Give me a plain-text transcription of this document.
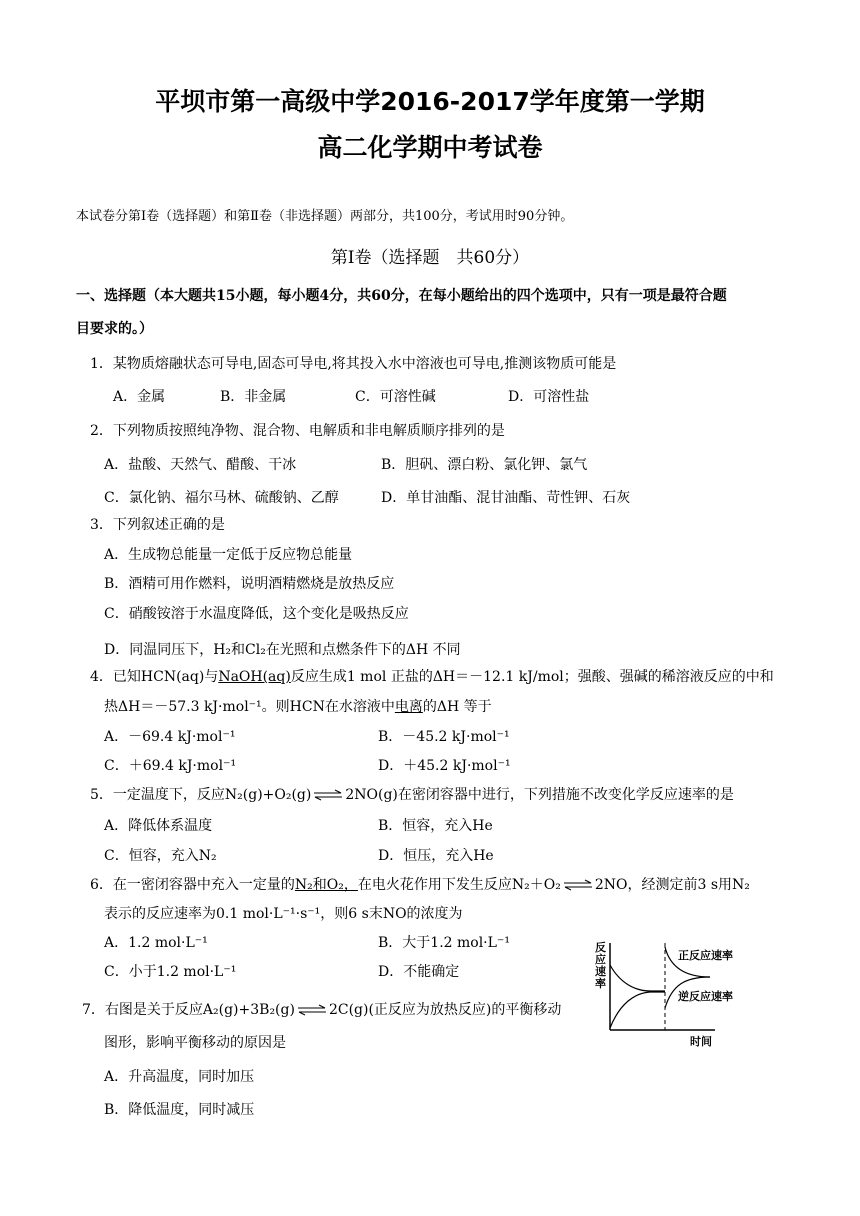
平坝市第一高级中学2016-2017学年度第一学期
高二化学期中考试卷
本试卷分第Ⅰ卷（选择题）和第Ⅱ卷（非选择题）两部分，共100分，考试用时90分钟。
第Ⅰ卷（选择题　共60分）
一、选择题（本大题共15小题，每小题4分，共60分，在每小题给出的四个选项中，只有一项是最符合题
目要求的。）
1．某物质熔融状态可导电,固态可导电,将其投入水中溶液也可导电,推测该物质可能是
A．金属	B．非金属	C．可溶性碱	D．可溶性盐
2．下列物质按照纯净物、混合物、电解质和非电解质顺序排列的是
A．盐酸、天然气、醋酸、干冰	B．胆矾、漂白粉、氯化钾、氯气
C．氯化钠、福尔马林、硫酸钠、乙醇	D．单甘油酯、混甘油酯、苛性钾、石灰
3．下列叙述正确的是
A．生成物总能量一定低于反应物总能量
B．酒精可用作燃料，说明酒精燃烧是放热反应
C．硝酸铵溶于水温度降低，这个变化是吸热反应
D．同温同压下，H₂和Cl₂在光照和点燃条件下的ΔH 不同
4．已知HCN(aq)与NaOH(aq)反应生成1 mol 正盐的ΔH＝－12.1 kJ/mol；强酸、强碱的稀溶液反应的中和
热ΔH＝－57.3 kJ·mol⁻¹。则HCN在水溶液中电离的ΔH 等于
A．－69.4 kJ·mol⁻¹	B．－45.2 kJ·mol⁻¹
C．＋69.4 kJ·mol⁻¹	D．＋45.2 kJ·mol⁻¹
5．一定温度下，反应N₂(g)+O₂(g) ⇌ 2NO(g)在密闭容器中进行，下列措施不改变化学反应速率的是
A．降低体系温度	B．恒容，充入He
C．恒容，充入N₂	D．恒压，充入He
6．在一密闭容器中充入一定量的N₂和O₂，在电火花作用下发生反应N₂＋O₂ ⇌ 2NO，经测定前3 s用N₂
表示的反应速率为0.1 mol·L⁻¹·s⁻¹，则6 s末NO的浓度为
A．1.2 mol·L⁻¹	B．大于1.2 mol·L⁻¹
C．小于1.2 mol·L⁻¹	D．不能确定
7．右图是关于反应A₂(g)+3B₂(g) ⇌ 2C(g)(正反应为放热反应)的平衡移动
图形，影响平衡移动的原因是
A．升高温度，同时加压
B．降低温度，同时减压
反
应
速
率
正反应速率
逆反应速率
时间
